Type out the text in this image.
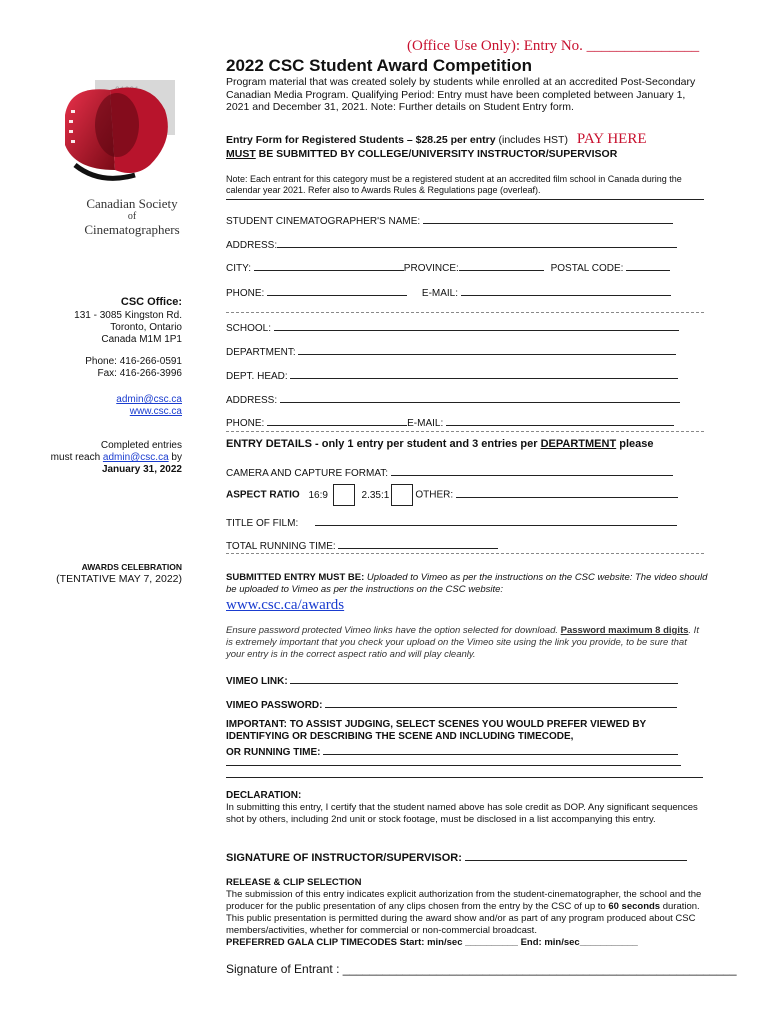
(Office Use Only): Entry No. _______________
2022 CSC Student Award Competition
Canadian Society
of
Cinematographers
Program material that was created solely by students while enrolled at an accredited Post-Secondary Canadian Media Program. Qualifying Period: Entry must have been completed between January 1, 2021 and December 31, 2021. Note: Further details on Student Entry form.
Entry Form for Registered Students – $28.25 per entry (includes HST) PAY HERE
MUST BE SUBMITTED BY COLLEGE/UNIVERSITY INSTRUCTOR/SUPERVISOR
Note: Each entrant for this category must be a registered student at an accredited film school in Canada during the calendar year 2021. Refer also to Awards Rules & Regulations page (overleaf).
STUDENT CINEMATOGRAPHER'S NAME:
ADDRESS:
CITY:	PROVINCE:	POSTAL CODE:
PHONE:	E-MAIL:
SCHOOL:
DEPARTMENT:
DEPT. HEAD:
ADDRESS:
PHONE:	E-MAIL:
ENTRY DETAILS - only 1 entry per student and 3 entries per DEPARTMENT please
CAMERA AND CAPTURE FORMAT:
ASPECT RATIO 16:9	2.35:1	OTHER:
TITLE OF FILM:
TOTAL RUNNING TIME:
SUBMITTED ENTRY MUST BE: Uploaded to Vimeo as per the instructions on the CSC website: The video should be uploaded to Vimeo as per the instructions on the CSC website:
www.csc.ca/awards
Ensure password protected Vimeo links have the option selected for download. Password maximum 8 digits. It is extremely important that you check your upload on the Vimeo site using the link you provide, to be sure that your entry is in the correct aspect ratio and will play cleanly.
VIMEO LINK:
VIMEO PASSWORD:
IMPORTANT: TO ASSIST JUDGING, SELECT SCENES YOU WOULD PREFER VIEWED BY
IDENTIFYING OR DESCRIBING THE SCENE AND INCLUDING TIMECODE,
OR RUNNING TIME:
DECLARATION:
In submitting this entry, I certify that the student named above has sole credit as DOP. Any significant sequences shot by others, including 2nd unit or stock footage, must be disclosed in a list accompanying this entry.
SIGNATURE OF INSTRUCTOR/SUPERVISOR:
RELEASE & CLIP SELECTION
The submission of this entry indicates explicit authorization from the student-cinematographer, the school and the producer for the public presentation of any clips chosen from the entry by the CSC of up to 60 seconds duration. This public presentation is permitted during the award show and/or as part of any program produced about CSC members/activities, whether for commercial or non-commercial broadcast.
PREFERRED GALA CLIP TIMECODES Start: min/sec __________ End: min/sec___________
Signature of Entrant : ___________________________________________________________
CSC Office:
131 - 3085 Kingston Rd.
Toronto, Ontario
Canada M1M 1P1
Phone: 416-266-0591
Fax: 416-266-3996
admin@csc.ca
www.csc.ca
Completed entries
must reach admin@csc.ca by
January 31, 2022
AWARDS CELEBRATION
(TENTATIVE MAY 7, 2022)
